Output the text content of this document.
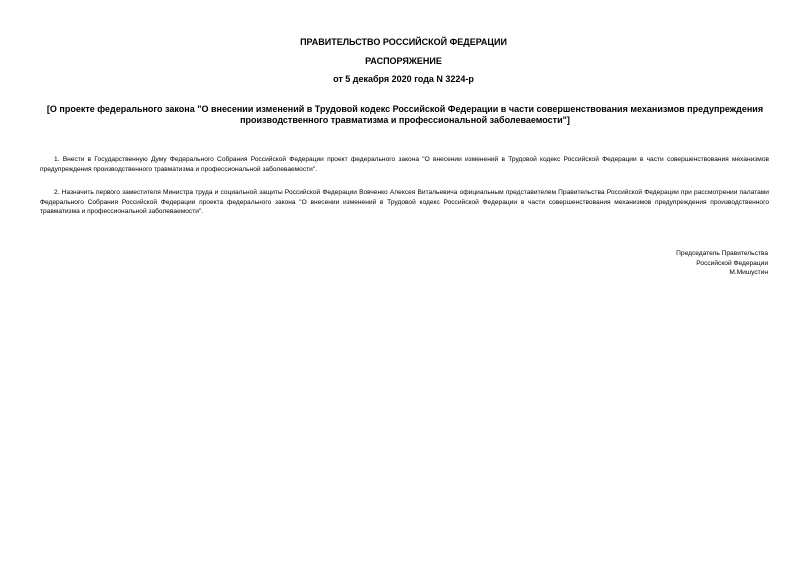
ПРАВИТЕЛЬСТВО РОССИЙСКОЙ ФЕДЕРАЦИИ
РАСПОРЯЖЕНИЕ
от 5 декабря 2020 года N 3224-р
[О проекте федерального закона "О внесении изменений в Трудовой кодекс Российской Федерации в части совершенствования механизмов предупреждения производственного травматизма и профессиональной заболеваемости"]
1. Внести в Государственную Думу Федерального Собрания Российской Федерации проект федерального закона "О внесении изменений в Трудовой кодекс Российской Федерации в части совершенствования механизмов предупреждения производственного травматизма и профессиональной заболеваемости".
2. Назначить первого заместителя Министра труда и социальной защиты Российской Федерации Вовченко Алексея Витальевича официальным представителем Правительства Российской Федерации при рассмотрении палатами Федерального Собрания Российской Федерации проекта федерального закона "О внесении изменений в Трудовой кодекс Российской Федерации в части совершенствования механизмов предупреждения производственного травматизма и профессиональной заболеваемости".
Председатель Правительства
Российской Федерации
М.Мишустин
